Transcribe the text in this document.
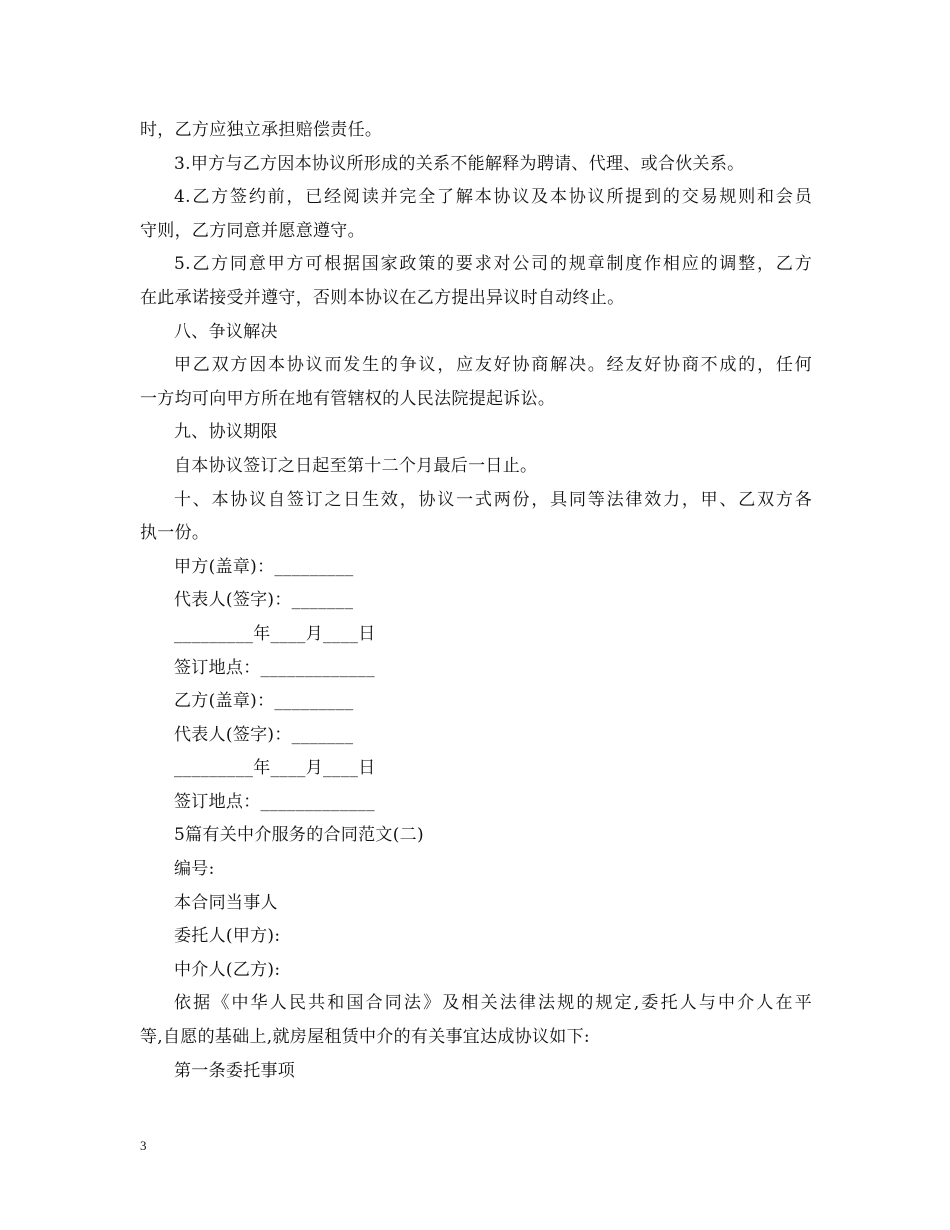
时，乙方应独立承担赔偿责任。
3.甲方与乙方因本协议所形成的关系不能解释为聘请、代理、或合伙关系。
4.乙方签约前，已经阅读并完全了解本协议及本协议所提到的交易规则和会员
守则，乙方同意并愿意遵守。
5.乙方同意甲方可根据国家政策的要求对公司的规章制度作相应的调整，乙方
在此承诺接受并遵守，否则本协议在乙方提出异议时自动终止。
八、争议解决
甲乙双方因本协议而发生的争议，应友好协商解决。经友好协商不成的，任何
一方均可向甲方所在地有管辖权的人民法院提起诉讼。
九、协议期限
自本协议签订之日起至第十二个月最后一日止。
十、本协议自签订之日生效，协议一式两份，具同等法律效力，甲、乙双方各
执一份。
甲方(盖章)：_________
代表人(签字)：_______
_________年____月____日
签订地点：_____________
乙方(盖章)：_________
代表人(签字)：_______
_________年____月____日
签订地点：_____________
5篇有关中介服务的合同范文(二)
编号:
本合同当事人
委托人(甲方):
中介人(乙方):
依据《中华人民共和国合同法》及相关法律法规的规定,委托人与中介人在平
等,自愿的基础上,就房屋租赁中介的有关事宜达成协议如下:
第一条委托事项
3
